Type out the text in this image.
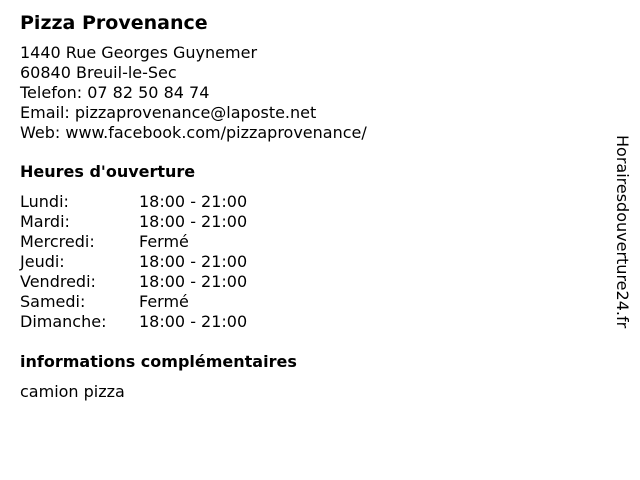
Pizza Provenance
1440 Rue Georges Guynemer
60840 Breuil-le-Sec
Telefon: 07 82 50 84 74
Email: pizzaprovenance@laposte.net
Web: www.facebook.com/pizzaprovenance/
Heures d'ouverture
Lundi:	18:00 - 21:00
Mardi:	18:00 - 21:00
Mercredi:	Fermé
Jeudi:	18:00 - 21:00
Vendredi:	18:00 - 21:00
Samedi:	Fermé
Dimanche:	18:00 - 21:00
informations complémentaires
camion pizza
Horairesdouverture24.fr
